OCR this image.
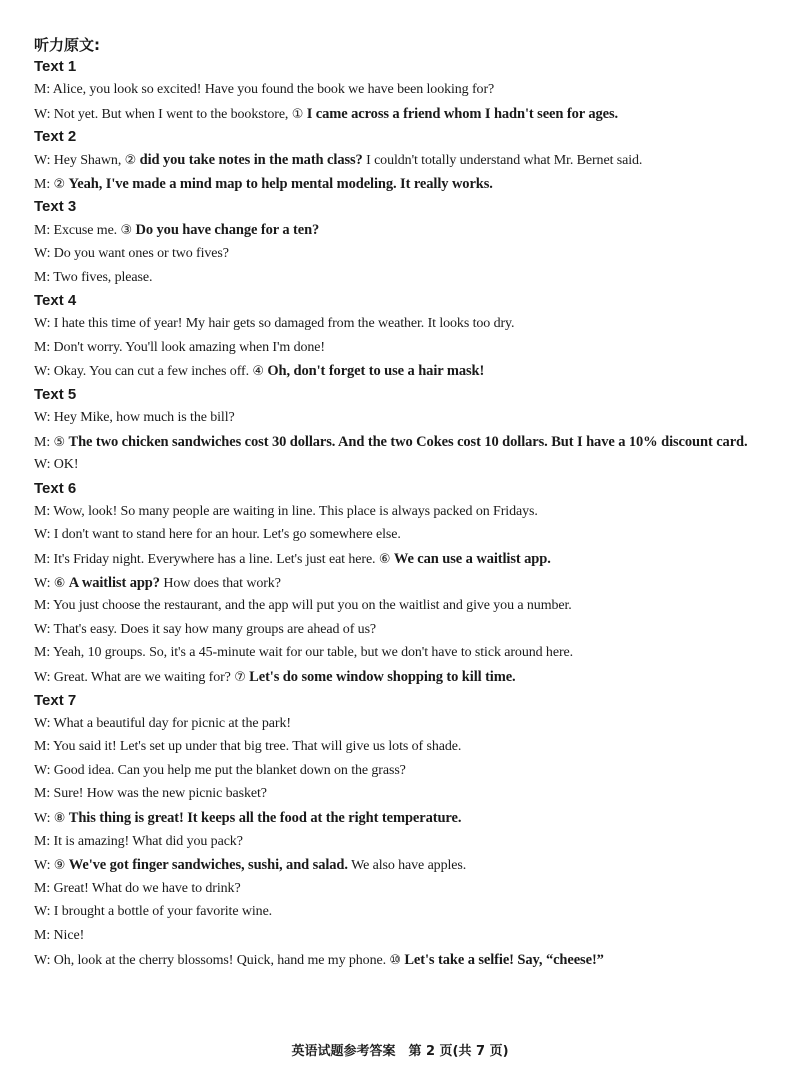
听力原文:
Text 1
M: Alice, you look so excited! Have you found the book we have been looking for?
W: Not yet. But when I went to the bookstore, ① I came across a friend whom I hadn't seen for ages.
Text 2
W: Hey Shawn, ② did you take notes in the math class? I couldn't totally understand what Mr. Bernet said.
M: ② Yeah, I've made a mind map to help mental modeling. It really works.
Text 3
M: Excuse me. ③ Do you have change for a ten?
W: Do you want ones or two fives?
M: Two fives, please.
Text 4
W: I hate this time of year! My hair gets so damaged from the weather. It looks too dry.
M: Don't worry. You'll look amazing when I'm done!
W: Okay. You can cut a few inches off. ④ Oh, don't forget to use a hair mask!
Text 5
W: Hey Mike, how much is the bill?
M: ⑤ The two chicken sandwiches cost 30 dollars. And the two Cokes cost 10 dollars. But I have a 10% discount card.
W: OK!
Text 6
M: Wow, look! So many people are waiting in line. This place is always packed on Fridays.
W: I don't want to stand here for an hour. Let's go somewhere else.
M: It's Friday night. Everywhere has a line. Let's just eat here. ⑥ We can use a waitlist app.
W: ⑥ A waitlist app? How does that work?
M: You just choose the restaurant, and the app will put you on the waitlist and give you a number.
W: That's easy. Does it say how many groups are ahead of us?
M: Yeah, 10 groups. So, it's a 45-minute wait for our table, but we don't have to stick around here.
W: Great. What are we waiting for? ⑦ Let's do some window shopping to kill time.
Text 7
W: What a beautiful day for picnic at the park!
M: You said it! Let's set up under that big tree. That will give us lots of shade.
W: Good idea. Can you help me put the blanket down on the grass?
M: Sure! How was the new picnic basket?
W: ⑧ This thing is great! It keeps all the food at the right temperature.
M: It is amazing! What did you pack?
W: ⑨ We've got finger sandwiches, sushi, and salad. We also have apples.
M: Great! What do we have to drink?
W: I brought a bottle of your favorite wine.
M: Nice!
W: Oh, look at the cherry blossoms! Quick, hand me my phone. ⑩ Let's take a selfie! Say, “cheese!”
英语试题参考答案　第 2 页(共 7 页)
